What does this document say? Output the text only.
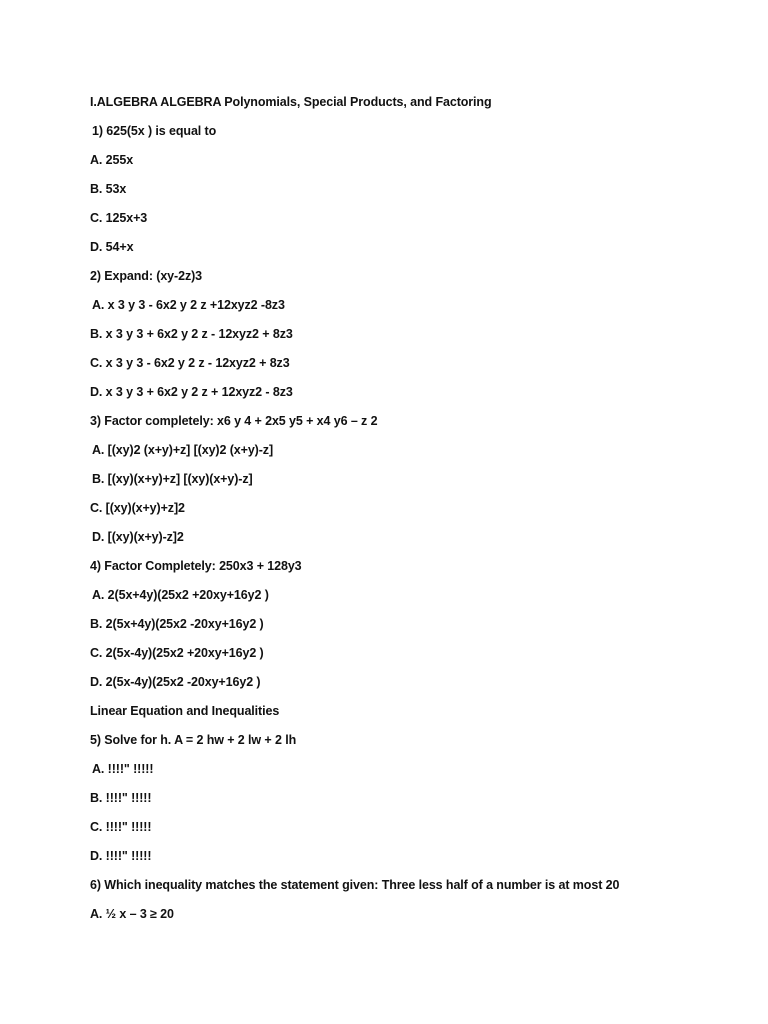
I.ALGEBRA ALGEBRA Polynomials, Special Products, and Factoring
1) 625(5x ) is equal to
A. 255x
B. 53x
C. 125x+3
D. 54+x
2) Expand: (xy-2z)3
A. x 3 y 3 - 6x2 y 2 z +12xyz2 -8z3
B. x 3 y 3 + 6x2 y 2 z - 12xyz2 + 8z3
C. x 3 y 3 - 6x2 y 2 z - 12xyz2 + 8z3
D. x 3 y 3 + 6x2 y 2 z + 12xyz2 - 8z3
3) Factor completely: x6 y 4 + 2x5 y5 + x4 y6 – z 2
A. [(xy)2 (x+y)+z] [(xy)2 (x+y)-z]
B. [(xy)(x+y)+z] [(xy)(x+y)-z]
C. [(xy)(x+y)+z]2
D. [(xy)(x+y)-z]2
4) Factor Completely: 250x3 + 128y3
A. 2(5x+4y)(25x2 +20xy+16y2 )
B. 2(5x+4y)(25x2 -20xy+16y2 )
C. 2(5x-4y)(25x2 +20xy+16y2 )
D. 2(5x-4y)(25x2 -20xy+16y2 )
Linear Equation and Inequalities
5) Solve for h. A = 2 hw + 2 lw + 2 lh
A. !!!!" !!!!!
B. !!!!" !!!!!
C. !!!!" !!!!!
D. !!!!" !!!!!
6) Which inequality matches the statement given: Three less half of a number is at most 20
A. ½ x – 3 ≥ 20
